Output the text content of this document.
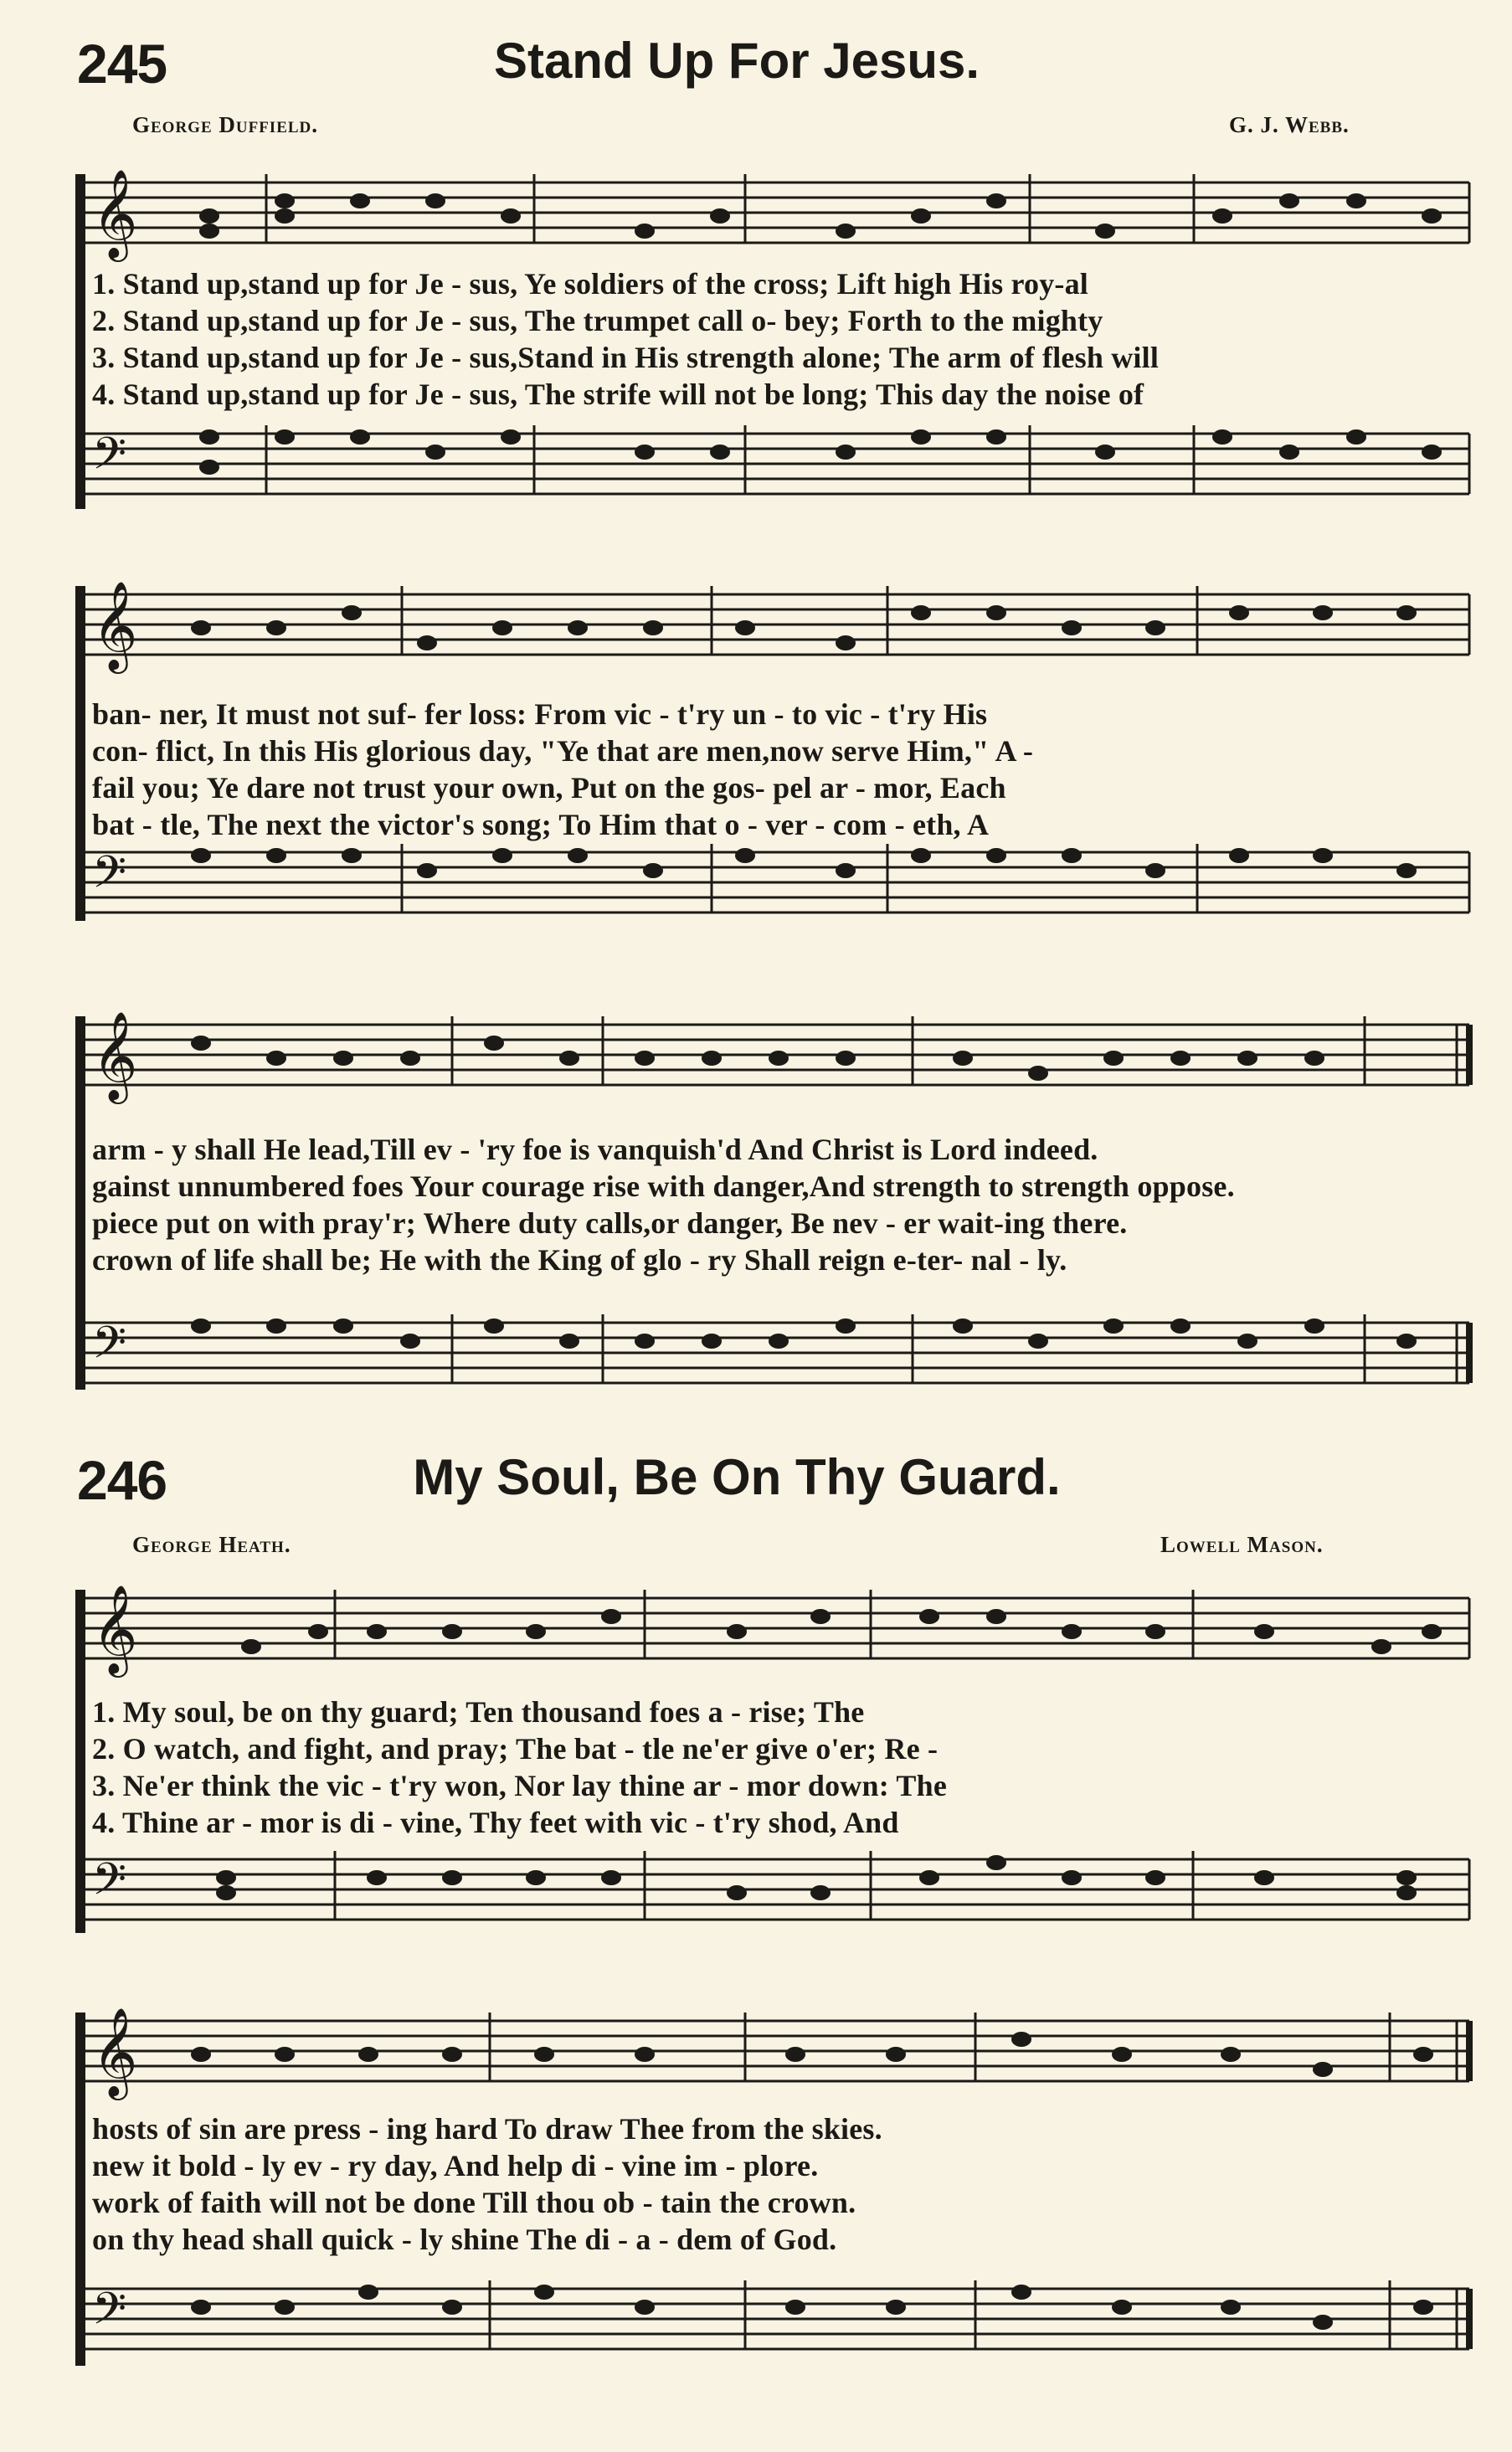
245	Stand Up For Jesus.
George Duffield.	G. J. Webb.
𝄞
𝄢
1. Stand up,stand up for Je - sus, Ye soldiers of the cross; Lift high His roy-al
2. Stand up,stand up for Je - sus, The trumpet call o- bey; Forth to the mighty
3. Stand up,stand up for Je - sus,Stand in His strength alone; The arm of flesh will
4. Stand up,stand up for Je - sus, The strife will not be long; This day the noise of
𝄞
𝄢
ban- ner, It must not suf- fer loss: From vic - t'ry un - to vic - t'ry His
con- flict, In this His glorious day, "Ye that are men,now serve Him," A -
fail you; Ye dare not trust your own, Put on the gos- pel ar - mor, Each
bat - tle, The next the victor's song; To Him that o - ver - com - eth, A
𝄞
𝄢
arm - y shall He lead,Till ev - 'ry foe is vanquish'd And Christ is Lord indeed.
gainst unnumbered foes Your courage rise with danger,And strength to strength oppose.
piece put on with pray'r; Where duty calls,or danger, Be nev - er wait-ing there.
crown of life shall be; He with the King of glo - ry Shall reign e-ter- nal - ly.
246	My Soul, Be On Thy Guard.
George Heath.	Lowell Mason.
𝄞
𝄢
1. My soul, be on thy guard; Ten thousand foes a - rise; The
2. O watch, and fight, and pray; The bat - tle ne'er give o'er; Re -
3. Ne'er think the vic - t'ry won, Nor lay thine ar - mor down: The
4. Thine ar - mor is di - vine, Thy feet with vic - t'ry shod, And
𝄞
𝄢
hosts of sin are press - ing hard To draw Thee from the skies.
new it bold - ly ev - ry day, And help di - vine im - plore.
work of faith will not be done Till thou ob - tain the crown.
on thy head shall quick - ly shine The di - a - dem of God.
